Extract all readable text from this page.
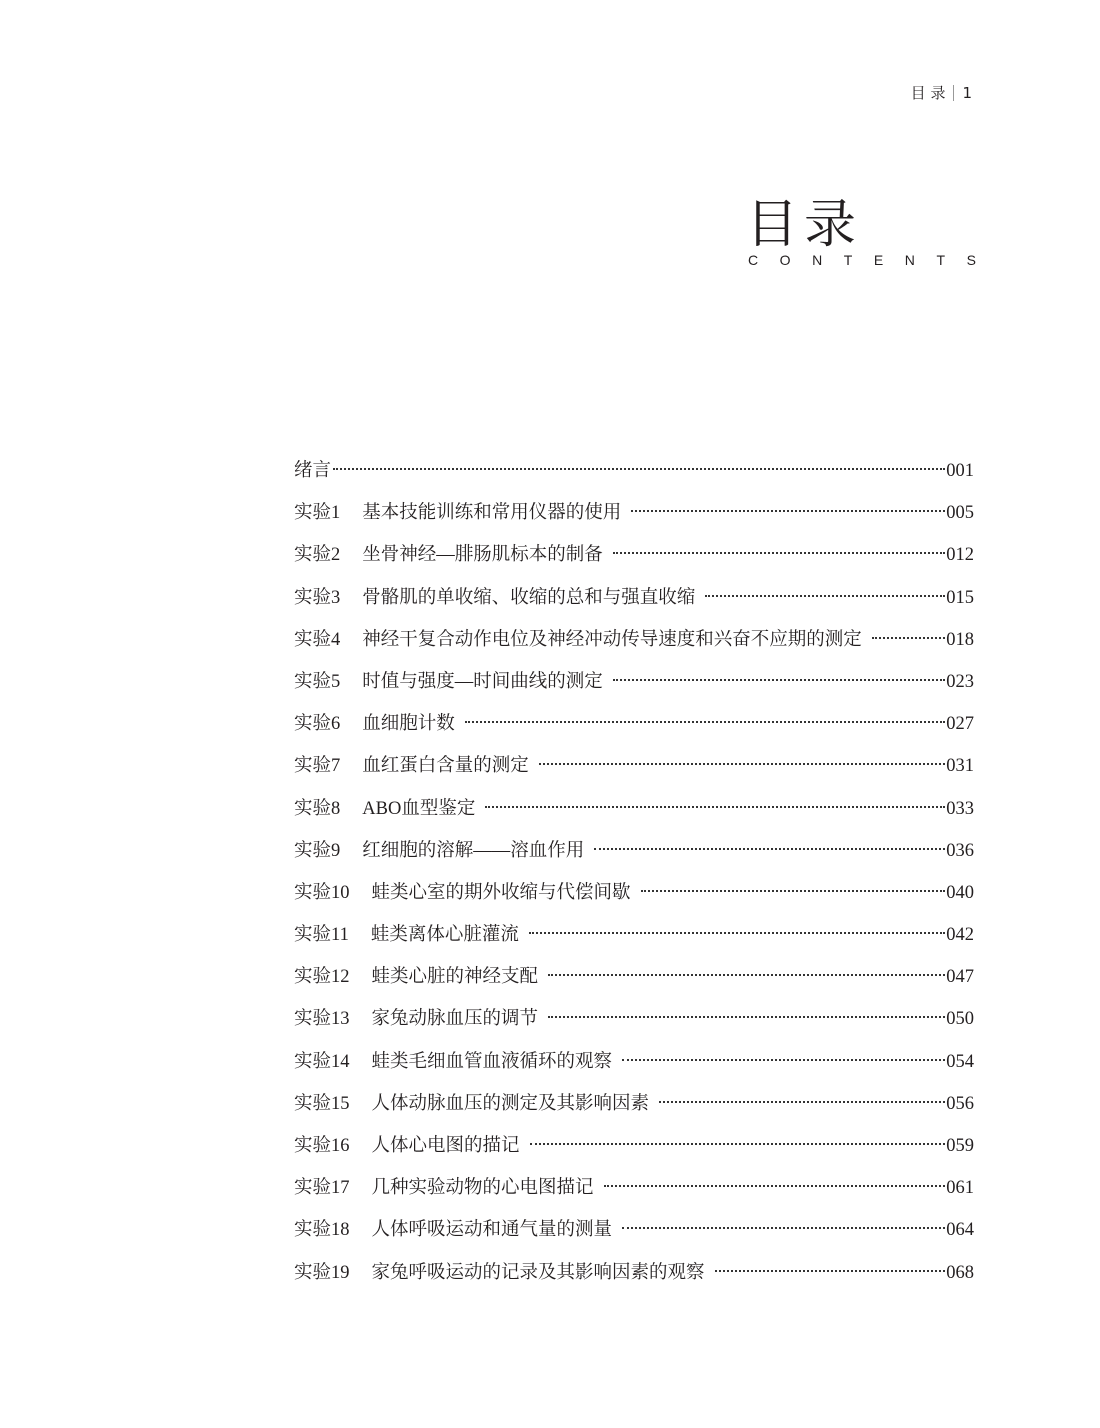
目 录 1
目录
C O N T E N T S
绪言	001
实验1 基本技能训练和常用仪器的使用	005
实验2 坐骨神经—腓肠肌标本的制备	012
实验3 骨骼肌的单收缩、收缩的总和与强直收缩	015
实验4 神经干复合动作电位及神经冲动传导速度和兴奋不应期的测定	018
实验5 时值与强度—时间曲线的测定	023
实验6 血细胞计数	027
实验7 血红蛋白含量的测定	031
实验8 ABO血型鉴定	033
实验9 红细胞的溶解——溶血作用	036
实验10 蛙类心室的期外收缩与代偿间歇	040
实验11 蛙类离体心脏灌流	042
实验12 蛙类心脏的神经支配	047
实验13 家兔动脉血压的调节	050
实验14 蛙类毛细血管血液循环的观察	054
实验15 人体动脉血压的测定及其影响因素	056
实验16 人体心电图的描记	059
实验17 几种实验动物的心电图描记	061
实验18 人体呼吸运动和通气量的测量	064
实验19 家兔呼吸运动的记录及其影响因素的观察	068
